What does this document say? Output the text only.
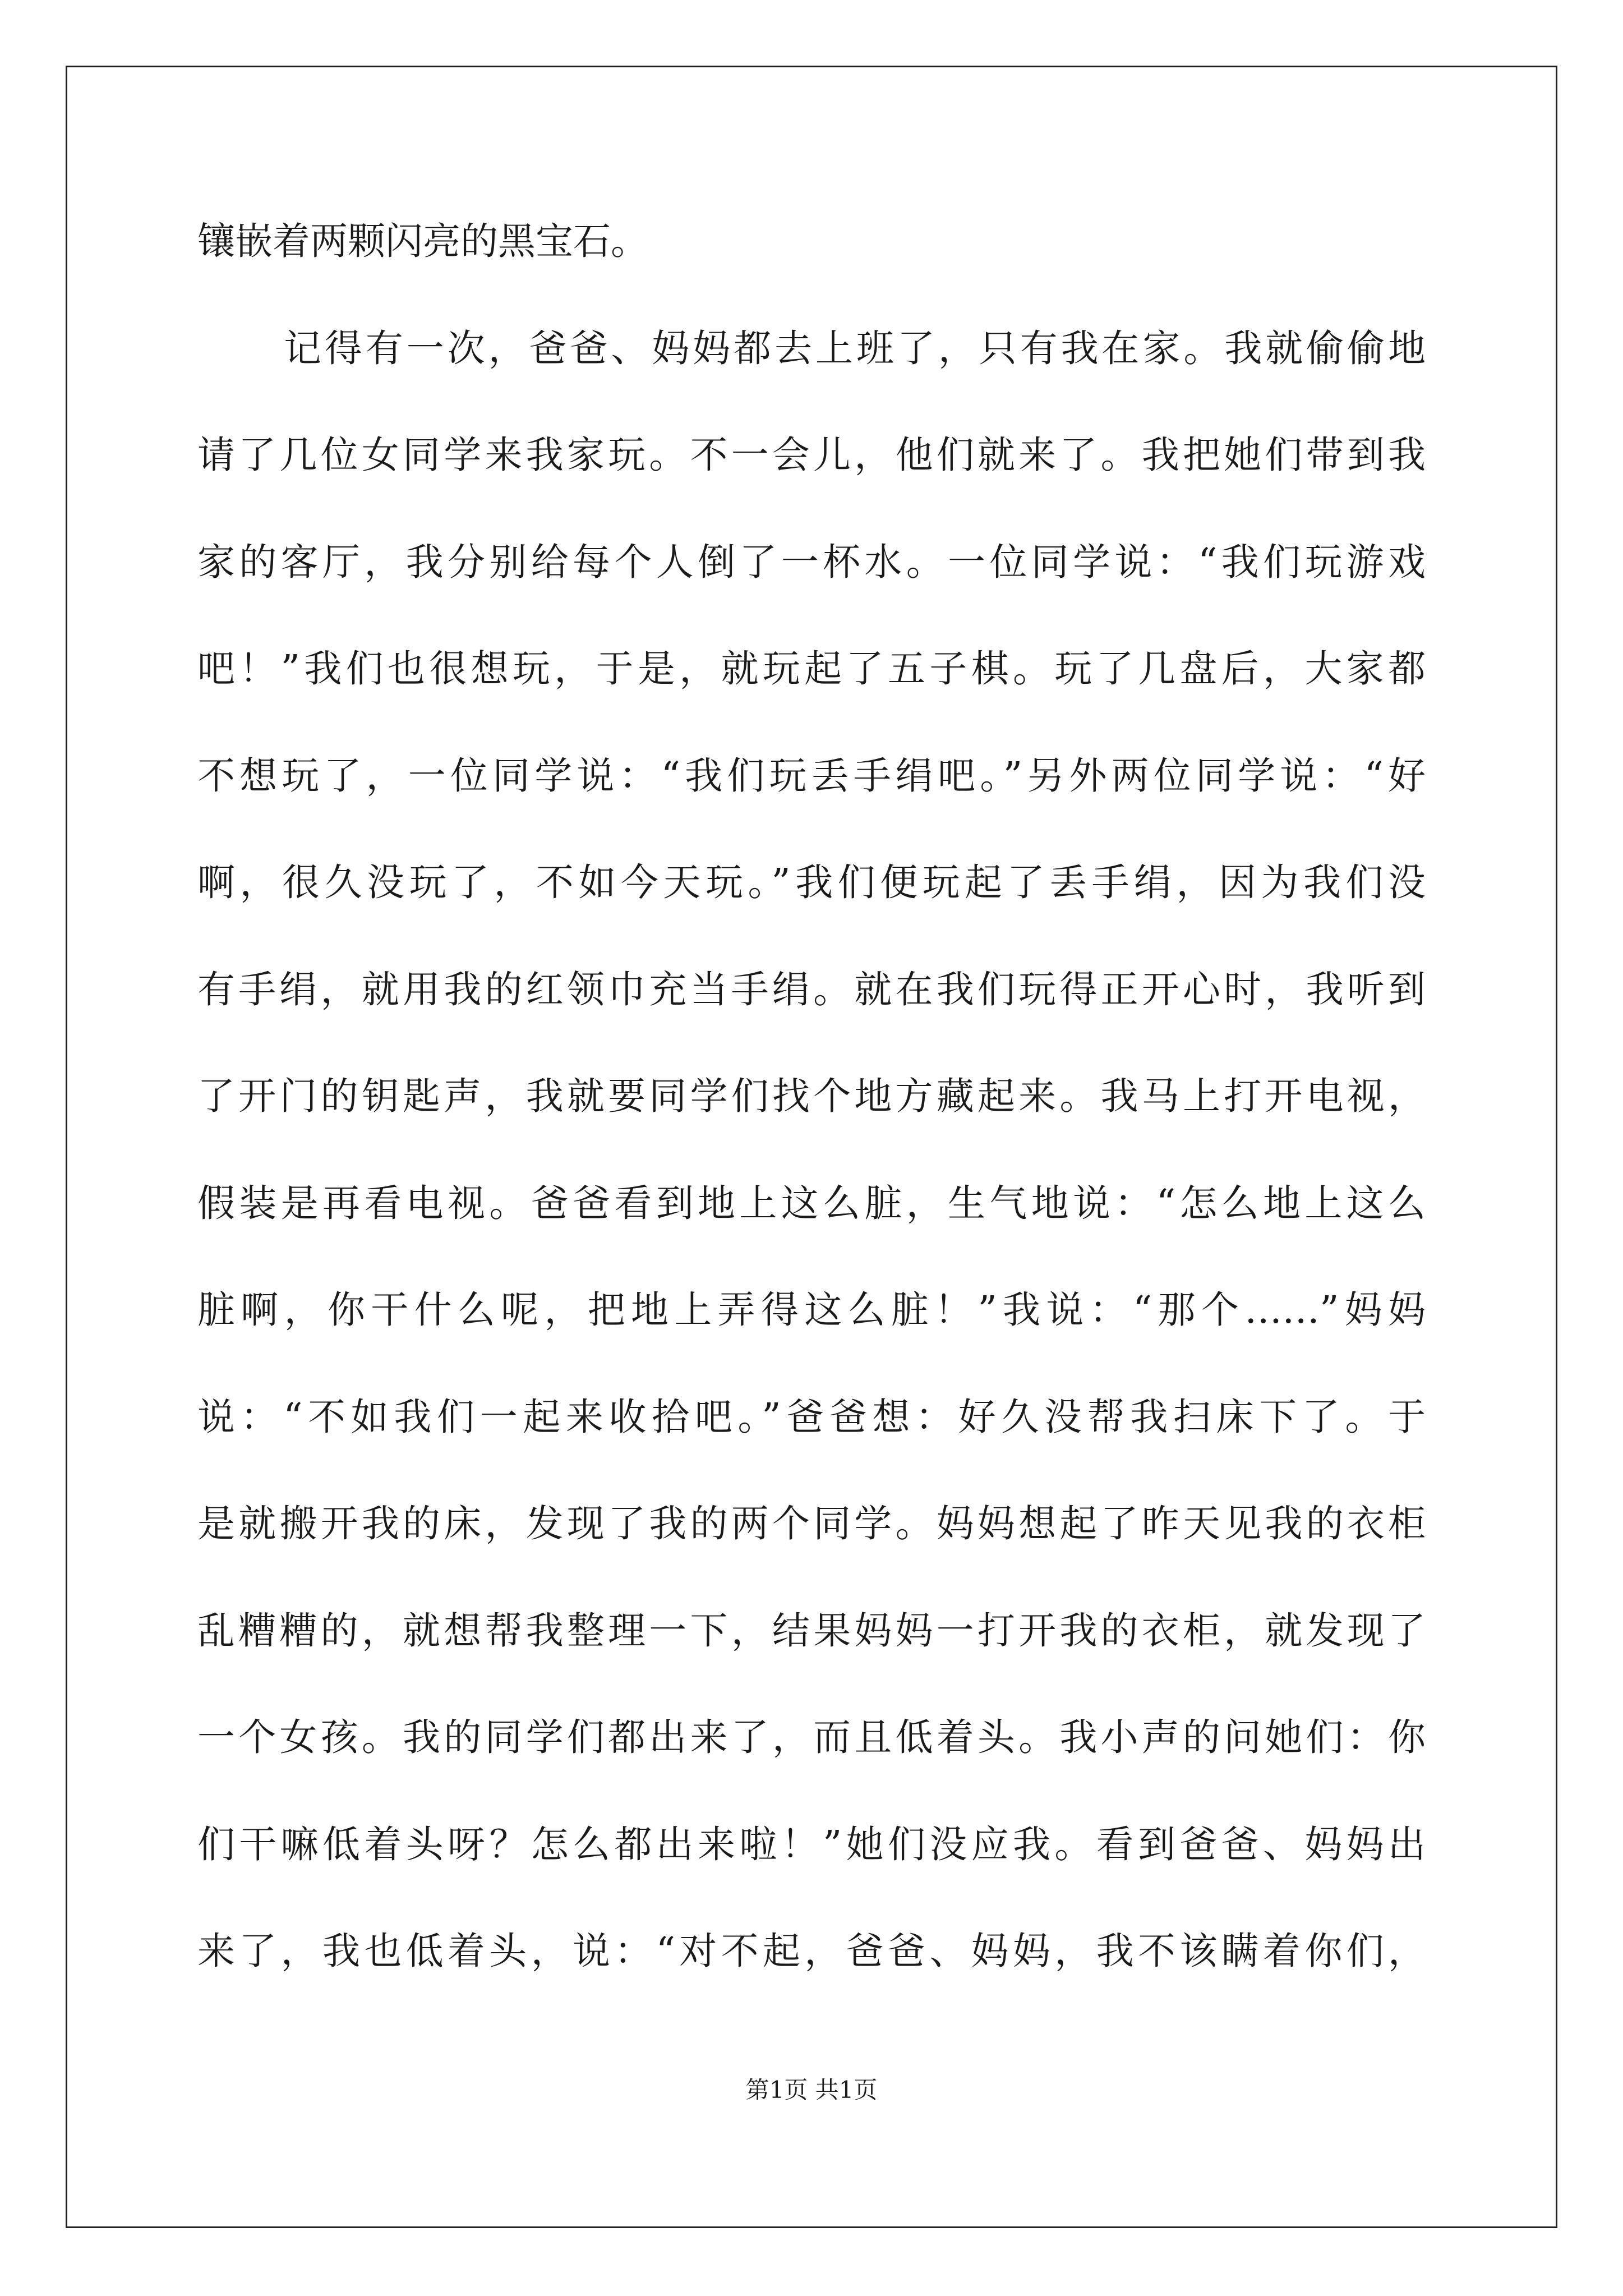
镶嵌着两颗闪亮的黑宝石。
记得有一次，爸爸、妈妈都去上班了，只有我在家。我就偷偷地
请了几位女同学来我家玩。不一会儿，他们就来了。我把她们带到我
家的客厅，我分别给每个人倒了一杯水。一位同学说：“我们玩游戏
吧！”我们也很想玩，于是，就玩起了五子棋。玩了几盘后，大家都
不想玩了，一位同学说：“我们玩丢手绢吧。”另外两位同学说：“好
啊，很久没玩了，不如今天玩。”我们便玩起了丢手绢，因为我们没
有手绢，就用我的红领巾充当手绢。就在我们玩得正开心时，我听到
了开门的钥匙声，我就要同学们找个地方藏起来。我马上打开电视，
假装是再看电视。爸爸看到地上这么脏，生气地说：“怎么地上这么
脏啊，你干什么呢，把地上弄得这么脏！”我说：“那个……”妈妈
说：“不如我们一起来收拾吧。”爸爸想：好久没帮我扫床下了。于
是就搬开我的床，发现了我的两个同学。妈妈想起了昨天见我的衣柜
乱糟糟的，就想帮我整理一下，结果妈妈一打开我的衣柜，就发现了
一个女孩。我的同学们都出来了，而且低着头。我小声的问她们：你
们干嘛低着头呀？怎么都出来啦！”她们没应我。看到爸爸、妈妈出
来了，我也低着头，说：“对不起，爸爸、妈妈，我不该瞒着你们，
第1页 共1页
